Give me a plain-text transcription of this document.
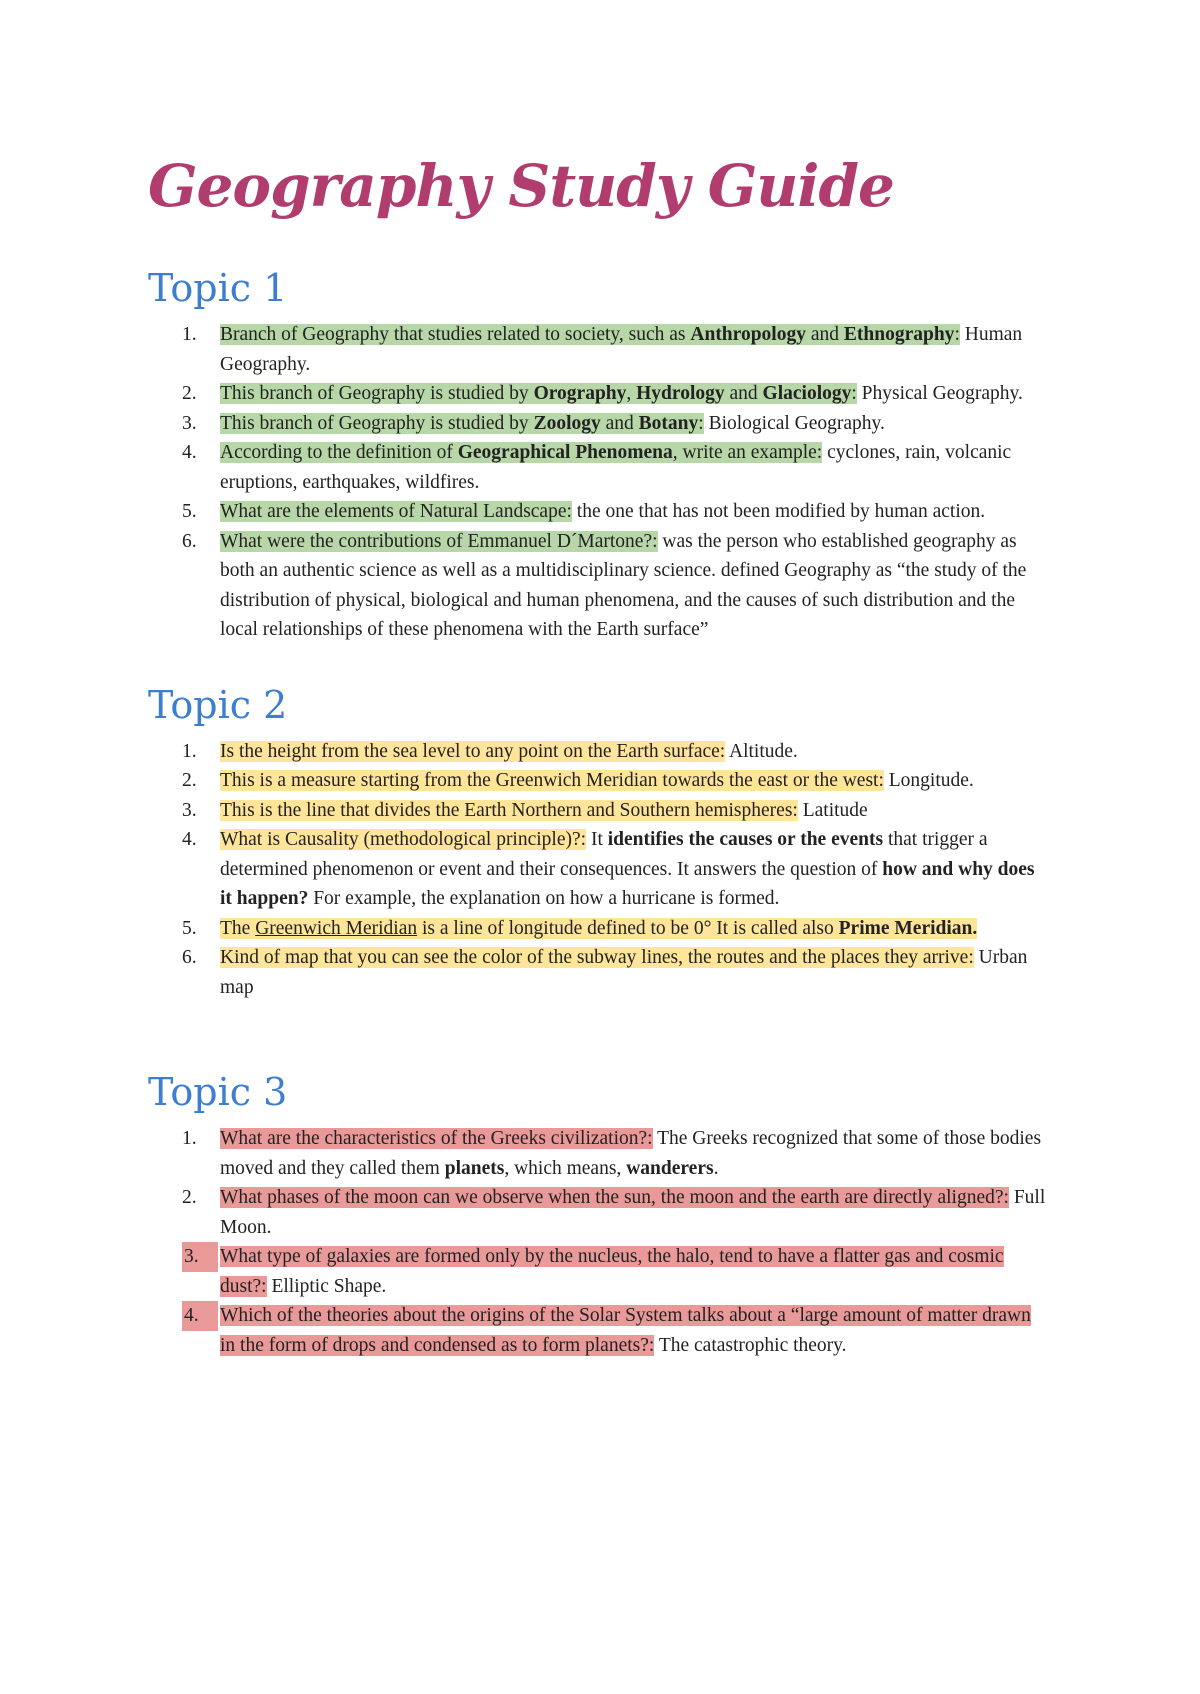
Geography Study Guide
Topic 1
1.	Branch of Geography that studies related to society, such as Anthropology and Ethnography: Human Geography.
2.	This branch of Geography is studied by Orography, Hydrology and Glaciology: Physical Geography.
3.	This branch of Geography is studied by Zoology and Botany: Biological Geography.
4.	According to the definition of Geographical Phenomena, write an example: cyclones, rain, volcanic eruptions, earthquakes, wildfires.
5.	What are the elements of Natural Landscape: the one that has not been modified by human action.
6.	What were the contributions of Emmanuel D´Martone?: was the person who established geography as both an authentic science as well as a multidisciplinary science. defined Geography as “the study of the distribution of physical, biological and human phenomena, and the causes of such distribution and the local relationships of these phenomena with the Earth surface”
Topic 2
1.	Is the height from the sea level to any point on the Earth surface: Altitude.
2.	This is a measure starting from the Greenwich Meridian towards the east or the west: Longitude.
3.	This is the line that divides the Earth Northern and Southern hemispheres: Latitude
4.	What is Causality (methodological principle)?: It identifies the causes or the events that trigger a determined phenomenon or event and their consequences. It answers the question of how and why does it happen? For example, the explanation on how a hurricane is formed.
5.	The Greenwich Meridian is a line of longitude defined to be 0° It is called also Prime Meridian.
6.	Kind of map that you can see the color of the subway lines, the routes and the places they arrive: Urban map
Topic 3
1.	What are the characteristics of the Greeks civilization?: The Greeks recognized that some of those bodies moved and they called them planets, which means, wanderers.
2.	What phases of the moon can we observe when the sun, the moon and the earth are directly aligned?: Full Moon.
3.	What type of galaxies are formed only by the nucleus, the halo, tend to have a flatter gas and cosmic dust?: Elliptic Shape.
4.	Which of the theories about the origins of the Solar System talks about a “large amount of matter drawn in the form of drops and condensed as to form planets?: The catastrophic theory.
